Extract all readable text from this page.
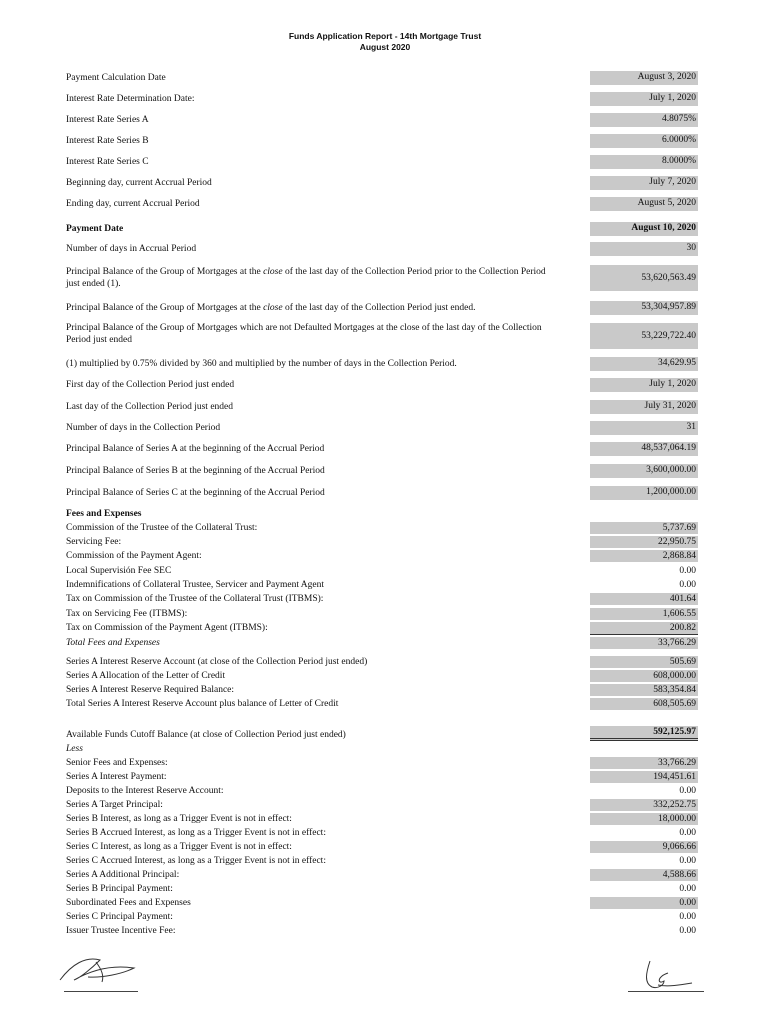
Funds Application Report - 14th Mortgage Trust
August 2020
Payment Calculation Date	August 3, 2020
Interest Rate Determination Date:	July 1, 2020
Interest Rate Series A	4.8075%
Interest Rate Series B	6.0000%
Interest Rate Series C	8.0000%
Beginning day, current Accrual Period	July 7, 2020
Ending day, current Accrual Period	August 5, 2020
Payment Date	August 10, 2020
Number of days in Accrual Period	30
Principal Balance of the Group of Mortgages at the close of the last day of the Collection Period prior to the Collection Period just ended (1).
53,620,563.49
Principal Balance of the Group of Mortgages at the close of the last day of the Collection Period just ended.	53,304,957.89
Principal Balance of the Group of Mortgages which are not Defaulted Mortgages at the close of the last day of the Collection Period just ended	53,229,722.40
(1) multiplied by 0.75% divided by 360 and multiplied by the number of days in the Collection Period.	34,629.95
First day of the Collection Period just ended	July 1, 2020
Last day of the Collection Period just ended	July 31, 2020
Number of days in the Collection Period	31
Principal Balance of Series A at the beginning of the Accrual Period	48,537,064.19
Principal Balance of Series B at the beginning of the Accrual Period	3,600,000.00
Principal Balance of Series C at the beginning of the Accrual Period	1,200,000.00
Fees and Expenses
Commission of the Trustee of the Collateral Trust:	5,737.69
Servicing Fee:	22,950.75
Commission of the Payment Agent:	2,868.84
Local Supervisión Fee SEC	0.00
Indemnifications of Collateral Trustee, Servicer and Payment Agent	0.00
Tax on Commission of the Trustee of the Collateral Trust (ITBMS):	401.64
Tax on Servicing Fee (ITBMS):	1,606.55
Tax on Commission of the Payment Agent (ITBMS):	200.82
Total Fees and Expenses	33,766.29
Series A Interest Reserve Account (at close of the Collection Period just ended)	505.69
Series A Allocation of the Letter of Credit	608,000.00
Series A Interest Reserve Required Balance:	583,354.84
Total Series A Interest Reserve Account plus balance of Letter of Credit	608,505.69
Available Funds Cutoff Balance (at close of Collection Period just ended)	592,125.97
Less
Senior Fees and Expenses:	33,766.29
Series A Interest Payment:	194,451.61
Deposits to the Interest Reserve Account:	0.00
Series A Target Principal:	332,252.75
Series B Interest, as long as a Trigger Event is not in effect:	18,000.00
Series B Accrued Interest, as long as a Trigger Event is not in effect:	0.00
Series C Interest, as long as a Trigger Event is not in effect:	9,066.66
Series C Accrued Interest, as long as a Trigger Event is not in effect:	0.00
Series A Additional Principal:	4,588.66
Series B Principal Payment:	0.00
Subordinated Fees and Expenses	0.00
Series C Principal Payment:	0.00
Issuer Trustee Incentive Fee:	0.00
